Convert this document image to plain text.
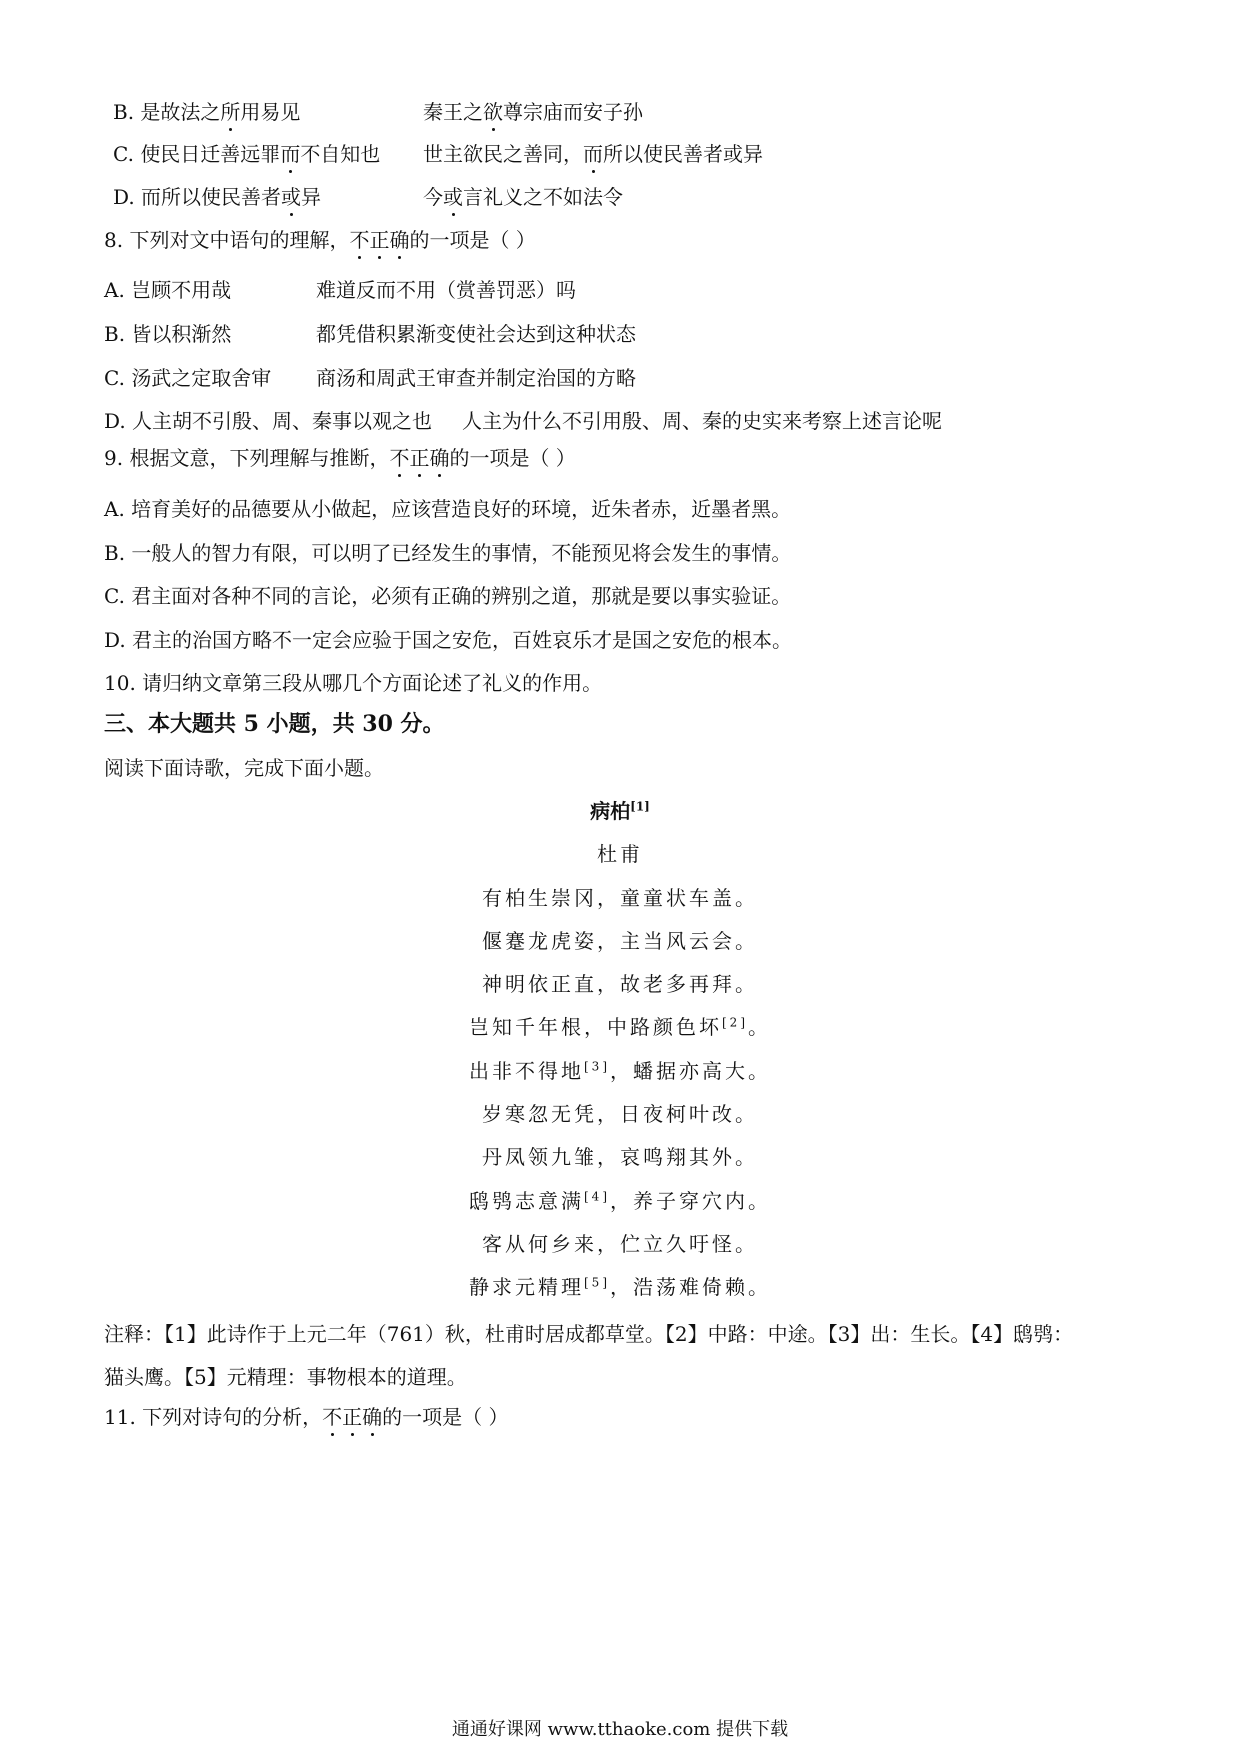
B. 是故法之所用易见	秦王之欲尊宗庙而安子孙
C. 使民日迁善远罪而不自知也 世主欲民之善同，而所以使民善者或异
D. 而所以使民善者或异	今或言礼义之不如法令
8. 下列对文中语句的理解，不正确的一项是（ ）
A. 岂顾不用哉	难道反而不用（赏善罚恶）吗
B. 皆以积渐然	都凭借积累渐变使社会达到这种状态
C. 汤武之定取舍审 商汤和周武王审查并制定治国的方略
D. 人主胡不引殷、周、秦事以观之也 人主为什么不引用殷、周、秦的史实来考察上述言论呢
9. 根据文意，下列理解与推断，不正确的一项是（ ）
A. 培育美好的品德要从小做起，应该营造良好的环境，近朱者赤，近墨者黑。
B. 一般人的智力有限，可以明了已经发生的事情，不能预见将会发生的事情。
C. 君主面对各种不同的言论，必须有正确的辨别之道，那就是要以事实验证。
D. 君主的治国方略不一定会应验于国之安危，百姓哀乐才是国之安危的根本。
10. 请归纳文章第三段从哪几个方面论述了礼义的作用。
三、本大题共 5 小题，共 30 分。
阅读下面诗歌，完成下面小题。
病柏[1]
杜甫
有柏生崇冈，童童状车盖。
偃蹇龙虎姿，主当风云会。
神明依正直，故老多再拜。
岂知千年根，中路颜色坏[2]。
出非不得地[3]，蟠据亦高大。
岁寒忽无凭，日夜柯叶改。
丹凤领九雏，哀鸣翔其外。
鸱鸮志意满[4]，养子穿穴内。
客从何乡来，伫立久吁怪。
静求元精理[5]，浩荡难倚赖。
注释：【1】此诗作于上元二年（761）秋，杜甫时居成都草堂。【2】中路：中途。【3】出：生长。【4】鸱鸮：
猫头鹰。【5】元精理：事物根本的道理。
11. 下列对诗句的分析，不正确的一项是（ ）
通通好课网 www.tthaoke.com 提供下载
